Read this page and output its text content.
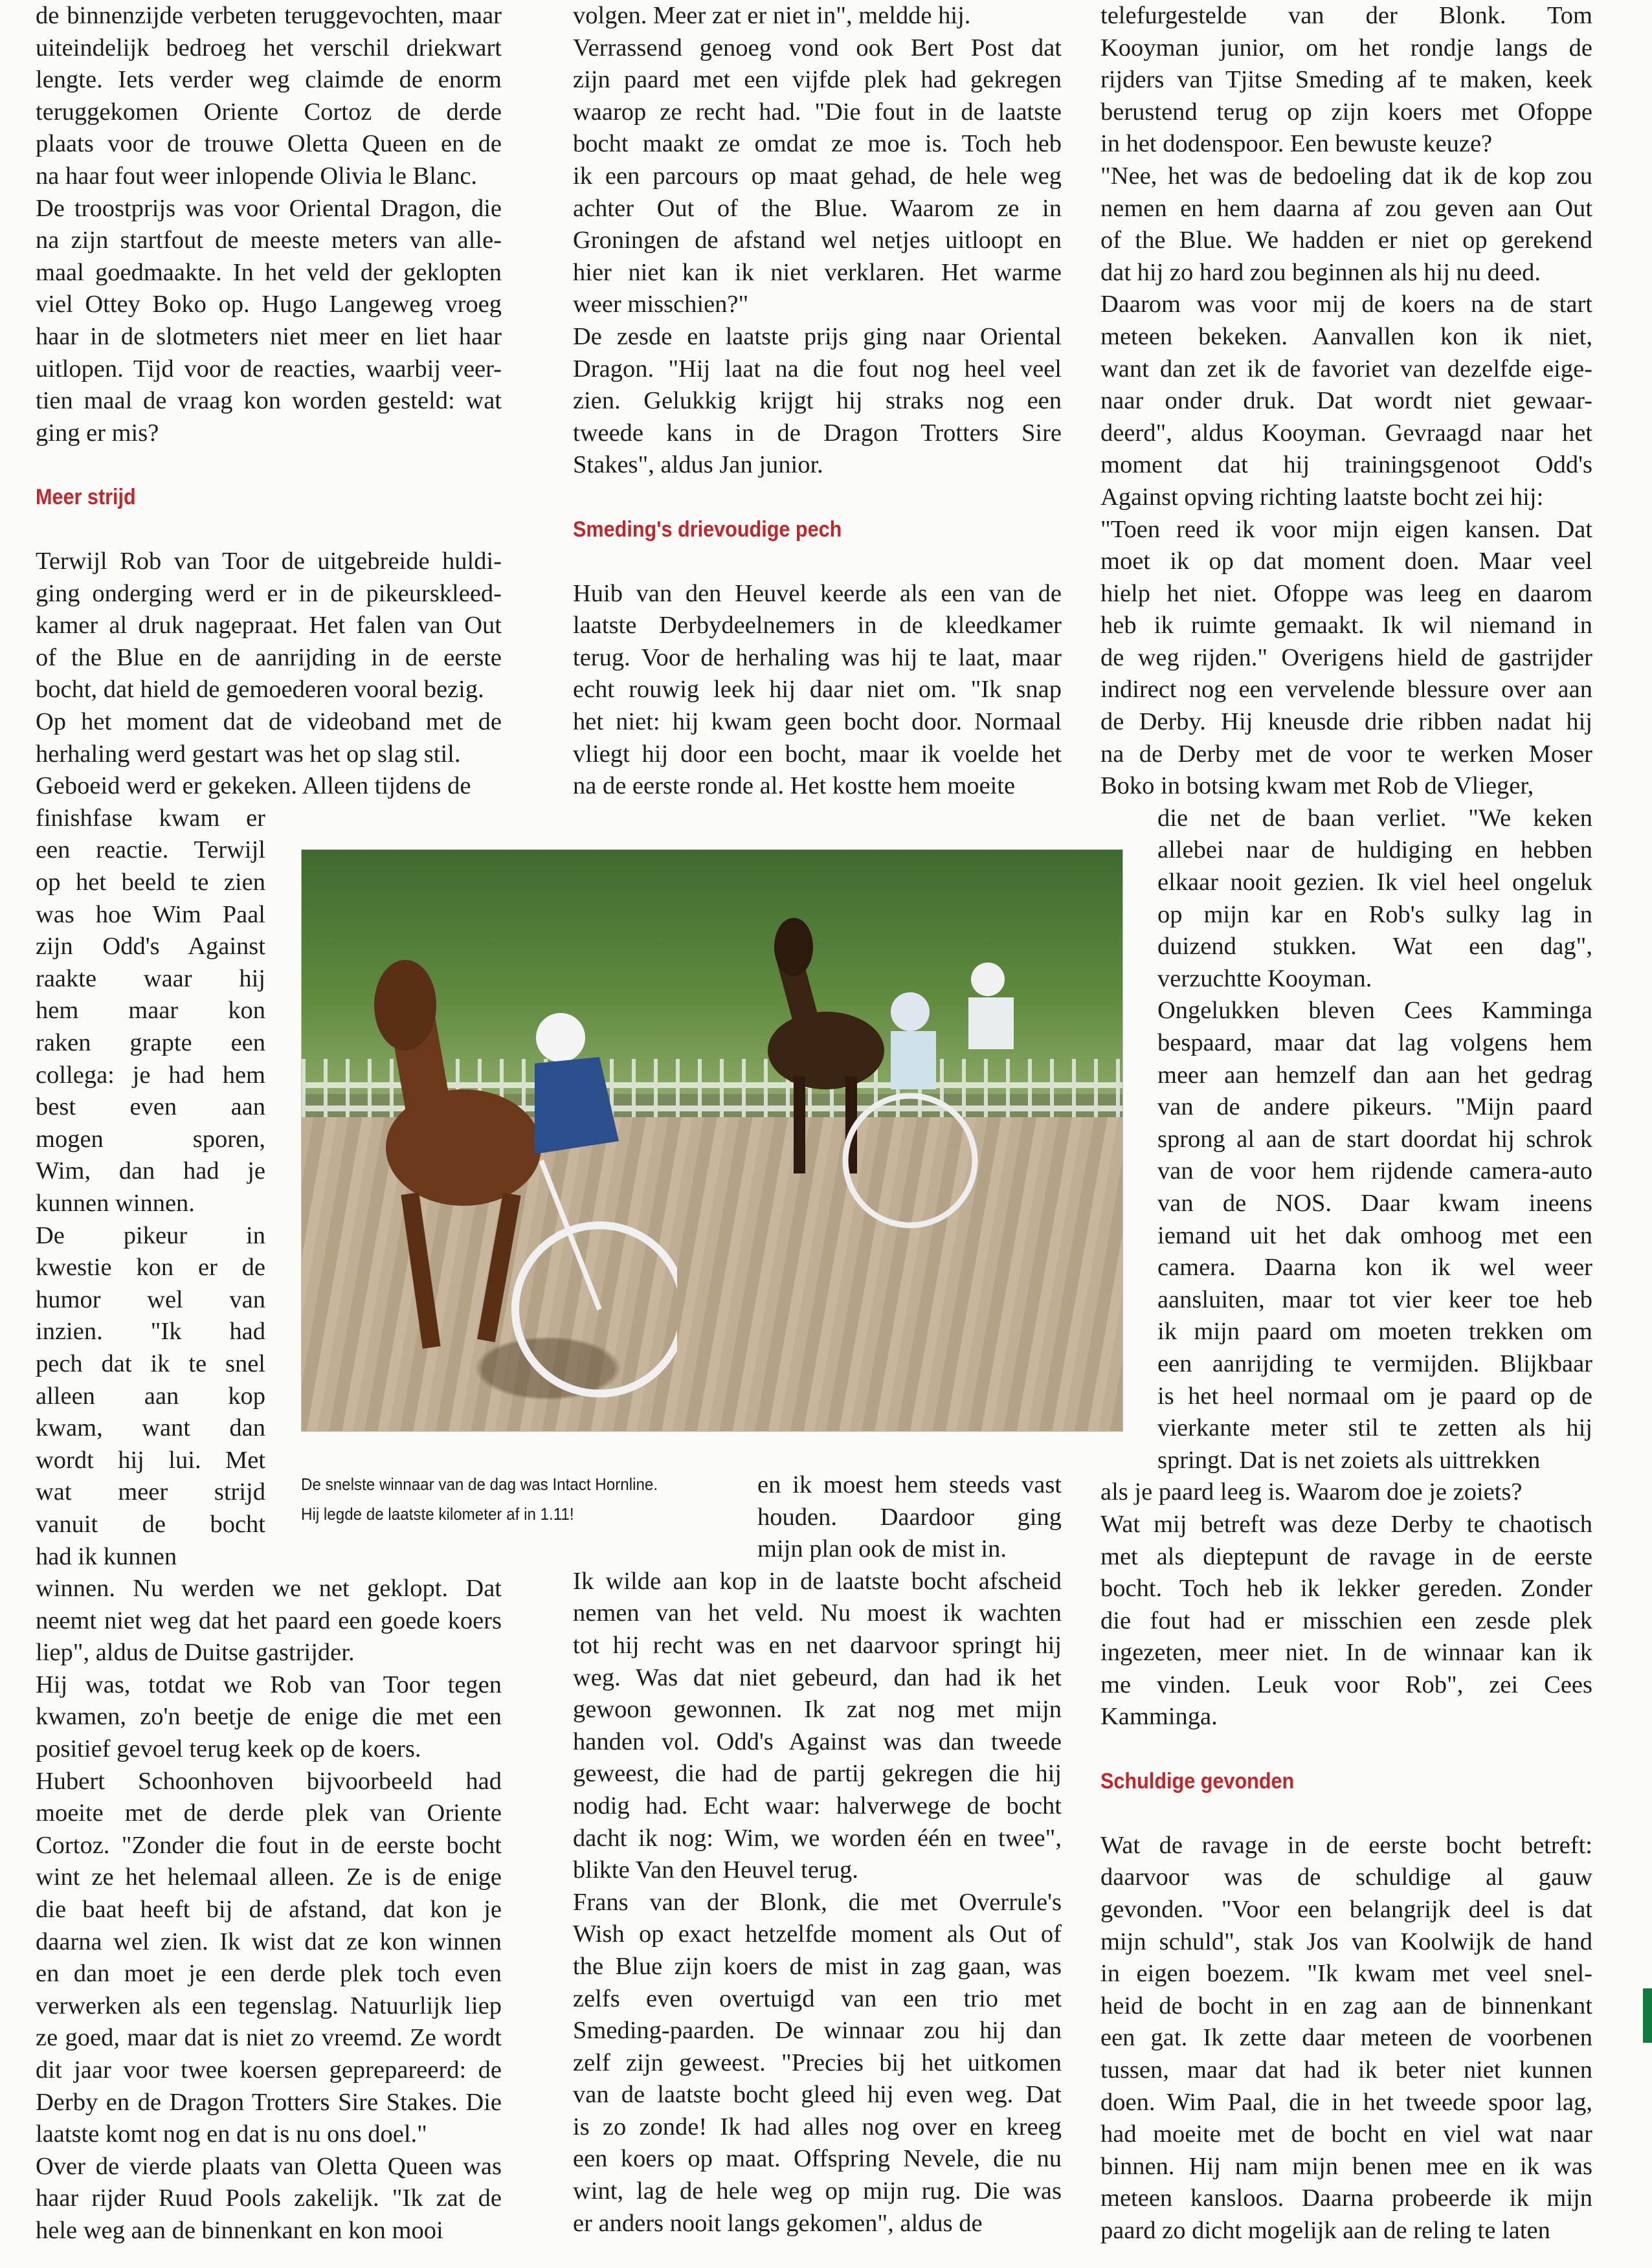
de binnenzijde verbeten teruggevochten, maar
uiteindelijk bedroeg het verschil driekwart
lengte. Iets verder weg claimde de enorm
teruggekomen Oriente Cortoz de derde
plaats voor de trouwe Oletta Queen en de
na haar fout weer inlopende Olivia le Blanc.
De troostprijs was voor Oriental Dragon, die
na zijn startfout de meeste meters van alle-
maal goedmaakte. In het veld der geklopten
viel Ottey Boko op. Hugo Langeweg vroeg
haar in de slotmeters niet meer en liet haar
uitlopen. Tijd voor de reacties, waarbij veer-
tien maal de vraag kon worden gesteld: wat
ging er mis?
Meer strijd
Terwijl Rob van Toor de uitgebreide huldi-
ging onderging werd er in de pikeurskleed-
kamer al druk nagepraat. Het falen van Out
of the Blue en de aanrijding in de eerste
bocht, dat hield de gemoederen vooral bezig.
Op het moment dat de videoband met de
herhaling werd gestart was het op slag stil.
Geboeid werd er gekeken. Alleen tijdens de
finishfase kwam er
een reactie. Terwijl
op het beeld te zien
was hoe Wim Paal
zijn Odd's Against
raakte waar hij
hem maar kon
raken grapte een
collega: je had hem
best even aan
mogen sporen,
Wim, dan had je
kunnen winnen.
De pikeur in
kwestie kon er de
humor wel van
inzien. "Ik had
pech dat ik te snel
alleen aan kop
kwam, want dan
wordt hij lui. Met
wat meer strijd
vanuit de bocht
had ik kunnen
winnen. Nu werden we net geklopt. Dat
neemt niet weg dat het paard een goede koers
liep", aldus de Duitse gastrijder.
Hij was, totdat we Rob van Toor tegen
kwamen, zo'n beetje de enige die met een
positief gevoel terug keek op de koers.
Hubert Schoonhoven bijvoorbeeld had
moeite met de derde plek van Oriente
Cortoz. "Zonder die fout in de eerste bocht
wint ze het helemaal alleen. Ze is de enige
die baat heeft bij de afstand, dat kon je
daarna wel zien. Ik wist dat ze kon winnen
en dan moet je een derde plek toch even
verwerken als een tegenslag. Natuurlijk liep
ze goed, maar dat is niet zo vreemd. Ze wordt
dit jaar voor twee koersen geprepareerd: de
Derby en de Dragon Trotters Sire Stakes. Die
laatste komt nog en dat is nu ons doel."
Over de vierde plaats van Oletta Queen was
haar rijder Ruud Pools zakelijk. "Ik zat de
hele weg aan de binnenkant en kon mooi
volgen. Meer zat er niet in", meldde hij.
Verrassend genoeg vond ook Bert Post dat
zijn paard met een vijfde plek had gekregen
waarop ze recht had. "Die fout in de laatste
bocht maakt ze omdat ze moe is. Toch heb
ik een parcours op maat gehad, de hele weg
achter Out of the Blue. Waarom ze in
Groningen de afstand wel netjes uitloopt en
hier niet kan ik niet verklaren. Het warme
weer misschien?"
De zesde en laatste prijs ging naar Oriental
Dragon. "Hij laat na die fout nog heel veel
zien. Gelukkig krijgt hij straks nog een
tweede kans in de Dragon Trotters Sire
Stakes", aldus Jan junior.
Smeding's drievoudige pech
Huib van den Heuvel keerde als een van de
laatste Derbydeelnemers in de kleedkamer
terug. Voor de herhaling was hij te laat, maar
echt rouwig leek hij daar niet om. "Ik snap
het niet: hij kwam geen bocht door. Normaal
vliegt hij door een bocht, maar ik voelde het
na de eerste ronde al. Het kostte hem moeite

De snelste winnaar van de dag was Intact Hornline.

Hij legde de laatste kilometer af in 1.11!

en ik moest hem steeds vast
houden. Daardoor ging
mijn plan ook de mist in.
Ik wilde aan kop in de laatste bocht afscheid
nemen van het veld. Nu moest ik wachten
tot hij recht was en net daarvoor springt hij
weg. Was dat niet gebeurd, dan had ik het
gewoon gewonnen. Ik zat nog met mijn
handen vol. Odd's Against was dan tweede
geweest, die had de partij gekregen die hij
nodig had. Echt waar: halverwege de bocht
dacht ik nog: Wim, we worden één en twee",
blikte Van den Heuvel terug.
Frans van der Blonk, die met Overrule's
Wish op exact hetzelfde moment als Out of
the Blue zijn koers de mist in zag gaan, was
zelfs even overtuigd van een trio met
Smeding-paarden. De winnaar zou hij dan
zelf zijn geweest. "Precies bij het uitkomen
van de laatste bocht gleed hij even weg. Dat
is zo zonde! Ik had alles nog over en kreeg
een koers op maat. Offspring Nevele, die nu
wint, lag de hele weg op mijn rug. Die was
er anders nooit langs gekomen", aldus de
telefurgestelde van der Blonk. Tom
Kooyman junior, om het rondje langs de
rijders van Tjitse Smeding af te maken, keek
berustend terug op zijn koers met Ofoppe
in het dodenspoor. Een bewuste keuze?
"Nee, het was de bedoeling dat ik de kop zou
nemen en hem daarna af zou geven aan Out
of the Blue. We hadden er niet op gerekend
dat hij zo hard zou beginnen als hij nu deed.
Daarom was voor mij de koers na de start
meteen bekeken. Aanvallen kon ik niet,
want dan zet ik de favoriet van dezelfde eige-
naar onder druk. Dat wordt niet gewaar-
deerd", aldus Kooyman. Gevraagd naar het
moment dat hij trainingsgenoot Odd's
Against opving richting laatste bocht zei hij:
"Toen reed ik voor mijn eigen kansen. Dat
moet ik op dat moment doen. Maar veel
hielp het niet. Ofoppe was leeg en daarom
heb ik ruimte gemaakt. Ik wil niemand in
de weg rijden." Overigens hield de gastrijder
indirect nog een vervelende blessure over aan
de Derby. Hij kneusde drie ribben nadat hij
na de Derby met de voor te werken Moser
Boko in botsing kwam met Rob de Vlieger,
die net de baan verliet. "We keken
allebei naar de huldiging en hebben
elkaar nooit gezien. Ik viel heel ongeluk
op mijn kar en Rob's sulky lag in
duizend stukken. Wat een dag",
verzuchtte Kooyman.
Ongelukken bleven Cees Kamminga
bespaard, maar dat lag volgens hem
meer aan hemzelf dan aan het gedrag
van de andere pikeurs. "Mijn paard
sprong al aan de start doordat hij schrok
van de voor hem rijdende camera-auto
van de NOS. Daar kwam ineens
iemand uit het dak omhoog met een
camera. Daarna kon ik wel weer
aansluiten, maar tot vier keer toe heb
ik mijn paard om moeten trekken om
een aanrijding te vermijden. Blijkbaar
is het heel normaal om je paard op de
vierkante meter stil te zetten als hij
springt. Dat is net zoiets als uittrekken
als je paard leeg is. Waarom doe je zoiets?
Wat mij betreft was deze Derby te chaotisch
met als dieptepunt de ravage in de eerste
bocht. Toch heb ik lekker gereden. Zonder
die fout had er misschien een zesde plek
ingezeten, meer niet. In de winnaar kan ik
me vinden. Leuk voor Rob", zei Cees
Kamminga.
Schuldige gevonden
Wat de ravage in de eerste bocht betreft:
daarvoor was de schuldige al gauw
gevonden. "Voor een belangrijk deel is dat
mijn schuld", stak Jos van Koolwijk de hand
in eigen boezem. "Ik kwam met veel snel-
heid de bocht in en zag aan de binnenkant
een gat. Ik zette daar meteen de voorbenen
tussen, maar dat had ik beter niet kunnen
doen. Wim Paal, die in het tweede spoor lag,
had moeite met de bocht en viel wat naar
binnen. Hij nam mijn benen mee en ik was
meteen kansloos. Daarna probeerde ik mijn
paard zo dicht mogelijk aan de reling te laten
